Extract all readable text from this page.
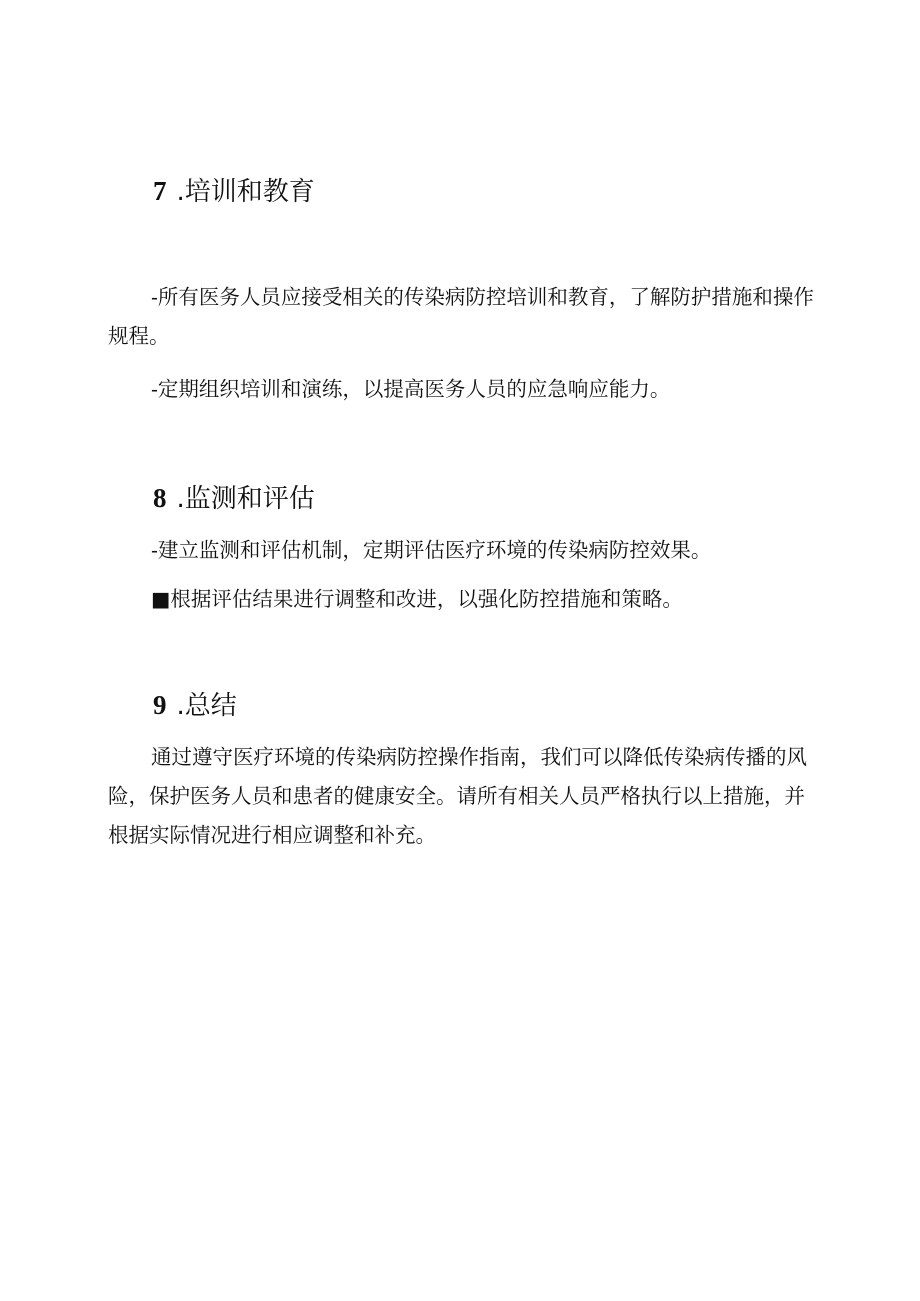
7 .培训和教育

-所有医务人员应接受相关的传染病防控培训和教育，了解防护措施和操作规程。

-定期组织培训和演练，以提高医务人员的应急响应能力。

8 .监测和评估

-建立监测和评估机制，定期评估医疗环境的传染病防控效果。

■根据评估结果进行调整和改进，以强化防控措施和策略。

9 .总结

通过遵守医疗环境的传染病防控操作指南，我们可以降低传染病传播的风险，保护医务人员和患者的健康安全。请所有相关人员严格执行以上措施，并根据实际情况进行相应调整和补充。
